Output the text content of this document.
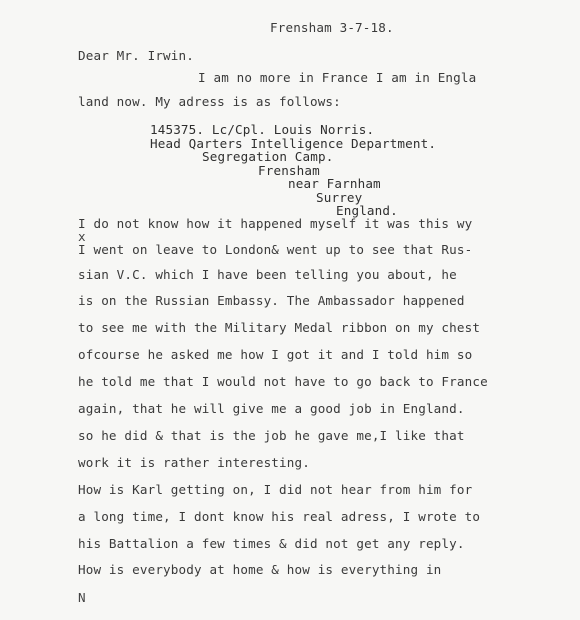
Frensham 3-7-18.
Dear Mr. Irwin.
I am no more in France I am in Engla
land now. My adress is as follows:
145375. Lc/Cpl. Louis Norris.
Head Qarters Intelligence Department.
Segregation Camp.
Frensham
near Farnham
Surrey
England.
I do not know how it happened myself it was this wy
x
I went on leave to London& went up to see that Rus-
sian V.C. which I have been telling you about, he
is on the Russian Embassy. The Ambassador happened
to see me with the Military Medal ribbon on my chest
ofcourse he asked me how I got it and I told him so
he told me that I would not have to go back to France
again, that he will give me a good job in England.
so he did & that is the job he gave me,I like that
work it is rather interesting.
How is Karl getting on, I did not hear from him for
a long time, I dont know his real adress, I wrote to
his Battalion a few times & did not get any reply.
How is everybody at home & how is everything in
N
